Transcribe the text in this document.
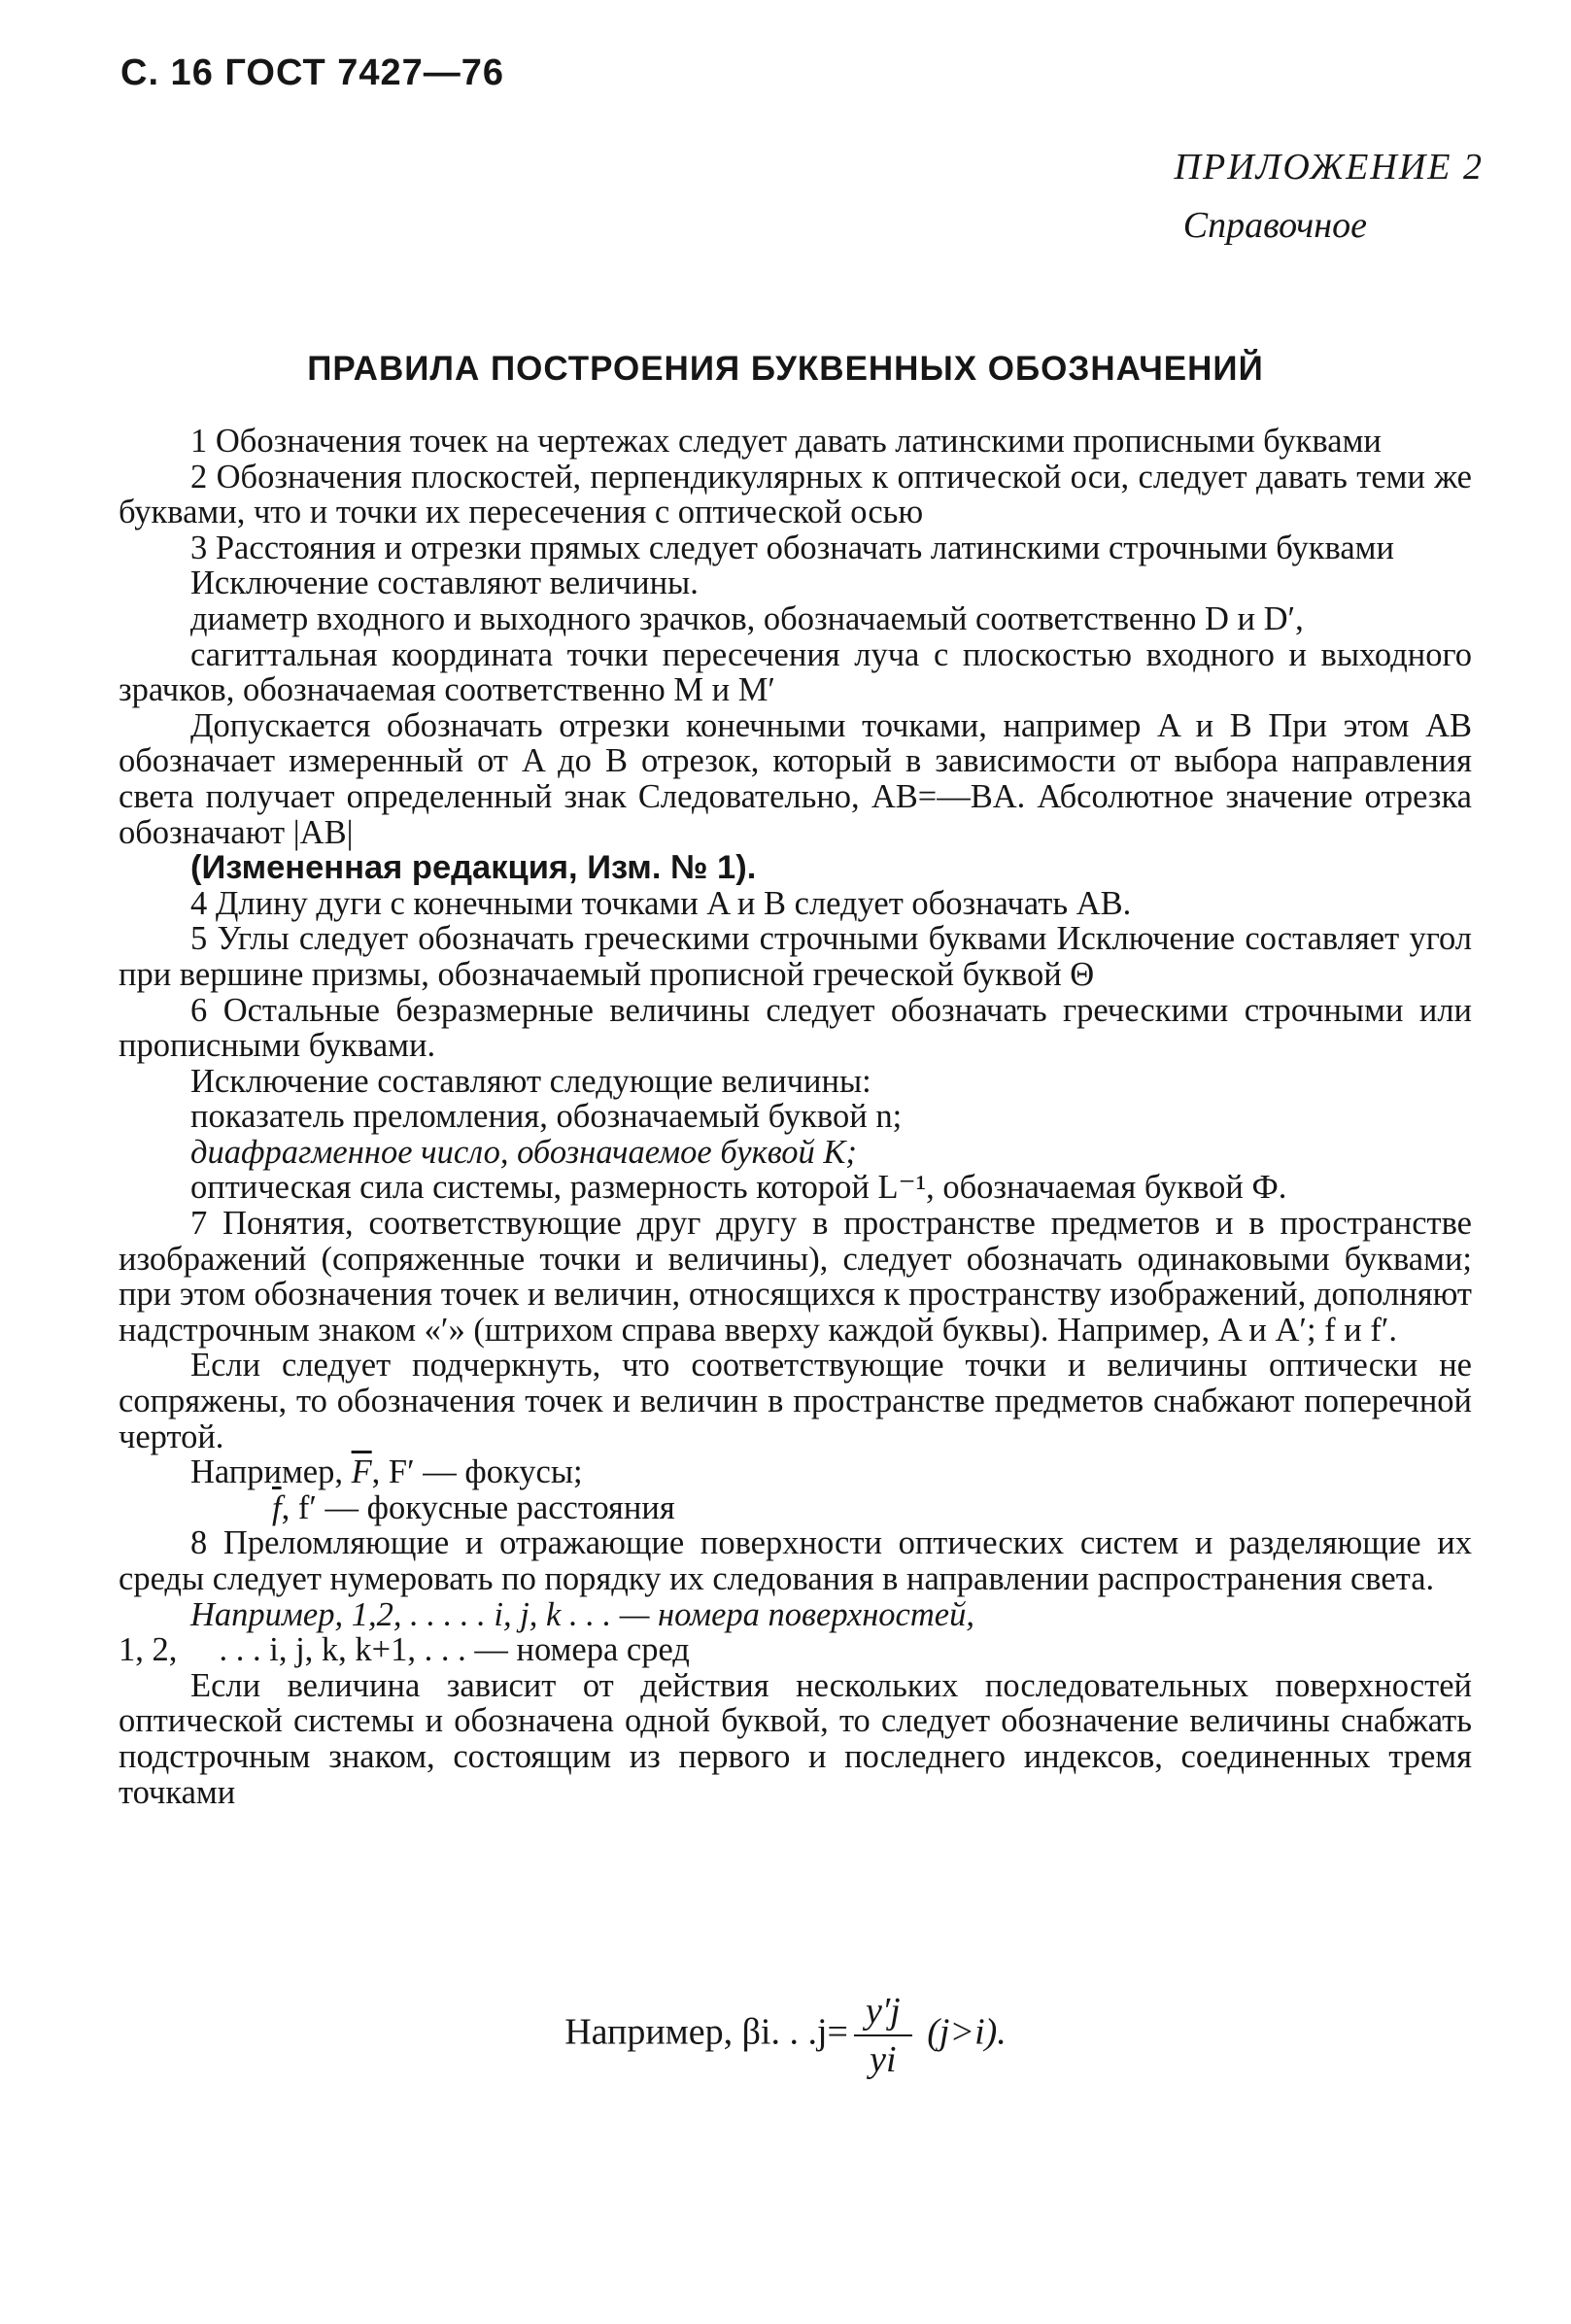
С. 16 ГОСТ 7427—76
ПРИЛОЖЕНИЕ 2
Справочное
ПРАВИЛА ПОСТРОЕНИЯ БУКВЕННЫХ ОБОЗНАЧЕНИЙ

1 Обозначения точек на чертежах следует давать латинскими прописными буквами

2 Обозначения плоскостей, перпендикулярных к оптической оси, следует давать теми же буквами, что и точки их пересечения с оптической осью

3 Расстояния и отрезки прямых следует обозначать латинскими строчными буквами

Исключение составляют величины.

диаметр входного и выходного зрачков, обозначаемый соответственно D и D′,

сагиттальная координата точки пересечения луча с плоскостью входного и выходного зрачков, обозначаемая соответственно M и M′

Допускается обозначать отрезки конечными точками, например A и B При этом AB обозначает измеренный от A до B отрезок, который в зависимости от выбора направления света получает определенный знак Следовательно, AB=—BA. Абсолютное значение отрезка обозначают |AB|

(Измененная редакция, Изм. № 1).

4 Длину дуги с конечными точками A и B следует обозначать AB.

5 Углы следует обозначать греческими строчными буквами Исключение составляет угол при вершине призмы, обозначаемый прописной греческой буквой Θ

6 Остальные безразмерные величины следует обозначать греческими строчными или прописными буквами.

Исключение составляют следующие величины:

показатель преломления, обозначаемый буквой n;

диафрагменное число, обозначаемое буквой K;

оптическая сила системы, размерность которой L⁻¹, обозначаемая буквой Ф.

7 Понятия, соответствующие друг другу в пространстве предметов и в пространстве изображений (сопряженные точки и величины), следует обозначать одинаковыми буквами; при этом обозначения точек и величин, относящихся к пространству изображений, дополняют надстрочным знаком «′» (штрихом справа вверху каждой буквы). Например, A и A′; f и f′.

Если следует подчеркнуть, что соответствующие точки и величины оптически не сопряжены, то обозначения точек и величин в пространстве предметов снабжают поперечной чертой.

Например, $\overline{F}$, F′ — фокусы;

$\overline{f}$, f′ — фокусные расстояния

8 Преломляющие и отражающие поверхности оптических систем и разделяющие их среды следует нумеровать по порядку их следования в направлении распространения света.

Например, 1,2, . . . . . i, j, k . . . — номера поверхностей,

1, 2,     . . . i, j, k, k+1, . . . — номера сред

Если величина зависит от действия нескольких последовательных поверхностей оптической системы и обозначена одной буквой, то следует обозначение величины снабжать подстрочным знаком, состоящим из первого и последнего индексов, соединенных тремя точками

Например, βi. . $.j= \frac{y'j}{yi} (j>i)$.
